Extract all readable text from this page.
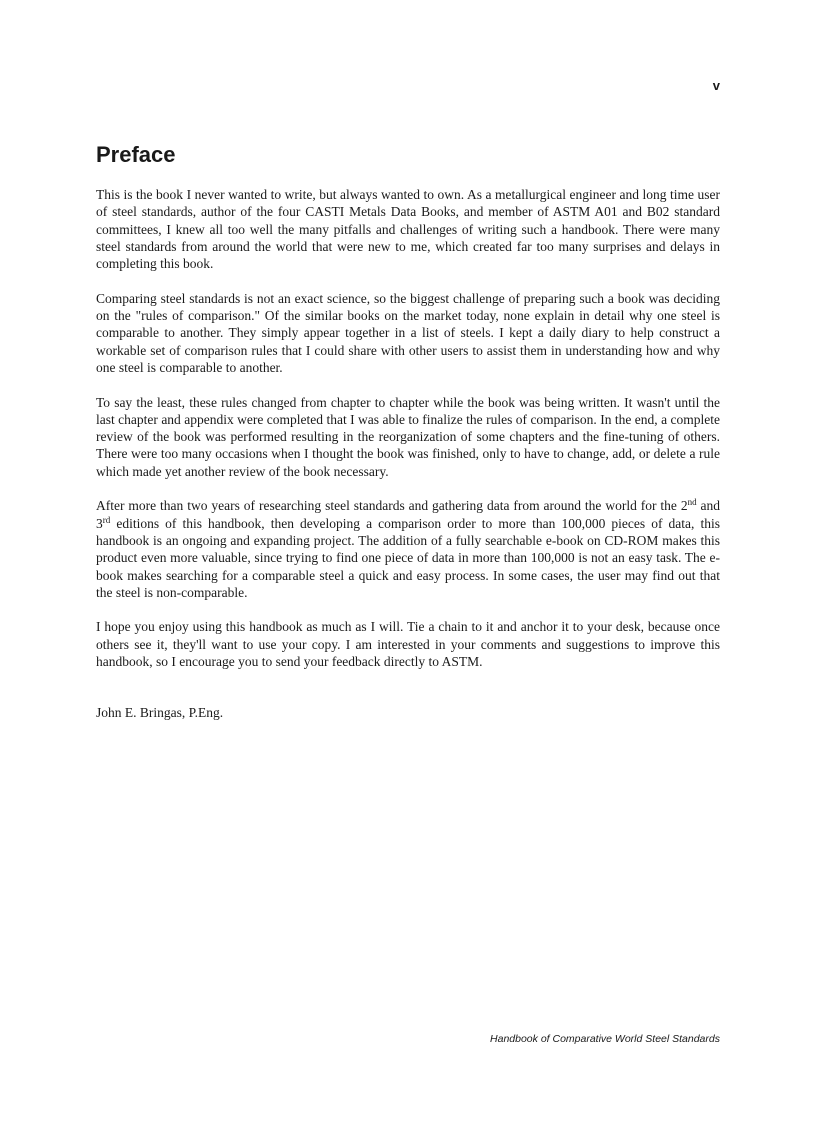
v
Preface

This is the book I never wanted to write, but always wanted to own. As a metallurgical engineer and long time user of steel standards, author of the four CASTI Metals Data Books, and member of ASTM A01 and B02 standard committees, I knew all too well the many pitfalls and challenges of writing such a handbook. There were many steel standards from around the world that were new to me, which created far too many surprises and delays in completing this book.

Comparing steel standards is not an exact science, so the biggest challenge of preparing such a book was deciding on the "rules of comparison." Of the similar books on the market today, none explain in detail why one steel is comparable to another. They simply appear together in a list of steels. I kept a daily diary to help construct a workable set of comparison rules that I could share with other users to assist them in understanding how and why one steel is comparable to another.

To say the least, these rules changed from chapter to chapter while the book was being written. It wasn't until the last chapter and appendix were completed that I was able to finalize the rules of comparison. In the end, a complete review of the book was performed resulting in the reorganization of some chapters and the fine-tuning of others. There were too many occasions when I thought the book was finished, only to have to change, add, or delete a rule which made yet another review of the book necessary.

After more than two years of researching steel standards and gathering data from around the world for the 2nd and 3rd editions of this handbook, then developing a comparison order to more than 100,000 pieces of data, this handbook is an ongoing and expanding project. The addition of a fully searchable e-book on CD-ROM makes this product even more valuable, since trying to find one piece of data in more than 100,000 is not an easy task. The e-book makes searching for a comparable steel a quick and easy process. In some cases, the user may find out that the steel is non-comparable.

I hope you enjoy using this handbook as much as I will. Tie a chain to it and anchor it to your desk, because once others see it, they'll want to use your copy. I am interested in your comments and suggestions to improve this handbook, so I encourage you to send your feedback directly to ASTM.

John E. Bringas, P.Eng.

Handbook of Comparative World Steel Standards
